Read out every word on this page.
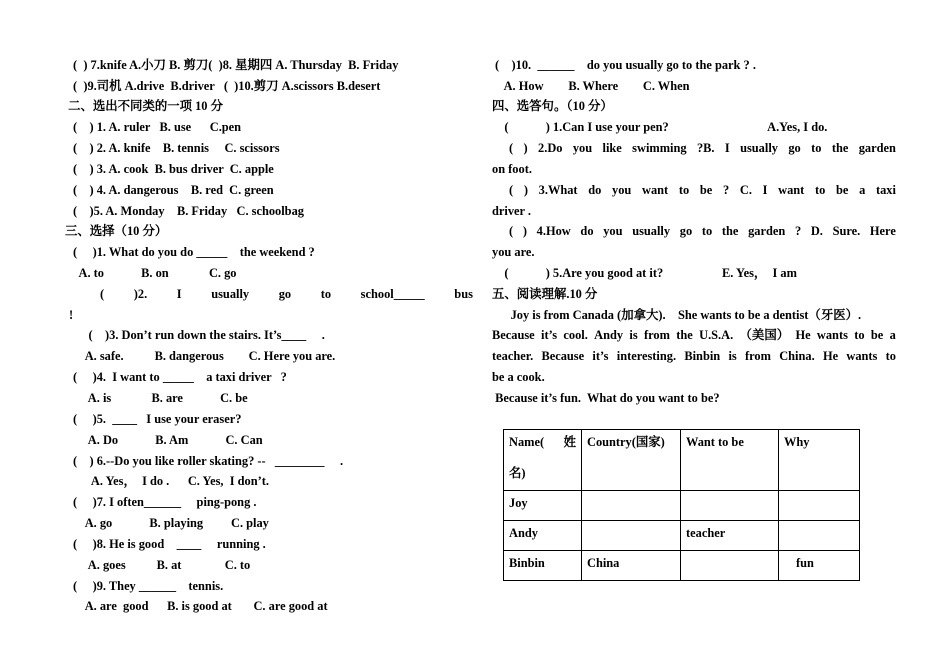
(  ) 7.knife A.小刀 B. 剪刀(  )8. 星期四 A. Thursday  B. Friday
(  )9.司机 A.drive  B.driver   (  )10.剪刀 A.scissors B.desert
二、选出不同类的一项 10 分
(    ) 1. A. ruler   B. use      C.pen
(    ) 2. A. knife    B. tennis     C. scissors
(    ) 3. A. cook  B. bus driver  C. apple
(    ) 4. A. dangerous    B. red  C. green
(    )5. A. Monday    B. Friday   C. schoolbag
三、选择（10 分）
(     )1. What do you do _____    the weekend ?
A. to            B. on             C. go
( )2. I usually go to school_____ bus
!
(    )3. Don’t run down the stairs. It’s____     .
A. safe.          B. dangerous        C. Here you are.
(     )4.  I want to _____    a taxi driver   ?
A. is             B. are            C. be
(     )5.  ____   I use your eraser?
A. Do            B. Am            C. Can
(    ) 6.--Do you like roller skating? --   ________     .
A. Yes，  I do .      C. Yes,  I don’t.
(     )7. I often______     ping-pong .
A. go            B. playing         C. play
(     )8. He is good    ____     running .
A. goes          B. at              C. to
(     )9. They ______    tennis.
A. are  good      B. is good at       C. are good at
(    )10.  ______    do you usually go to the park ? .
A. How        B. Where        C. When
四、选答句。（10 分）
(            ) 1.Can I use your pen?                                A.Yes, I do.
( ) 2.Do you like swimming ?B. I usually go to the garden
on foot.
( ) 3.What do you want to be ? C. I want to be a taxi
driver .
( ) 4.How do you usually go to the garden ? D. Sure. Here
you are.
(            ) 5.Are you good at it?                   E. Yes，  I am
五、阅读理解.10 分
Joy is from Canada (加拿大).    She wants to be a dentist（牙医）.
Because it’s cool. Andy is from the U.S.A. （美国） He wants to be a
teacher. Because it’s interesting. Binbin is from China. He wants to
be a cook.
Because it’s fun.  What do you want to be?
Name( 姓
名)	Country(国家)	Want to be	Why
Joy			
Andy		teacher	
Binbin	China		fun
